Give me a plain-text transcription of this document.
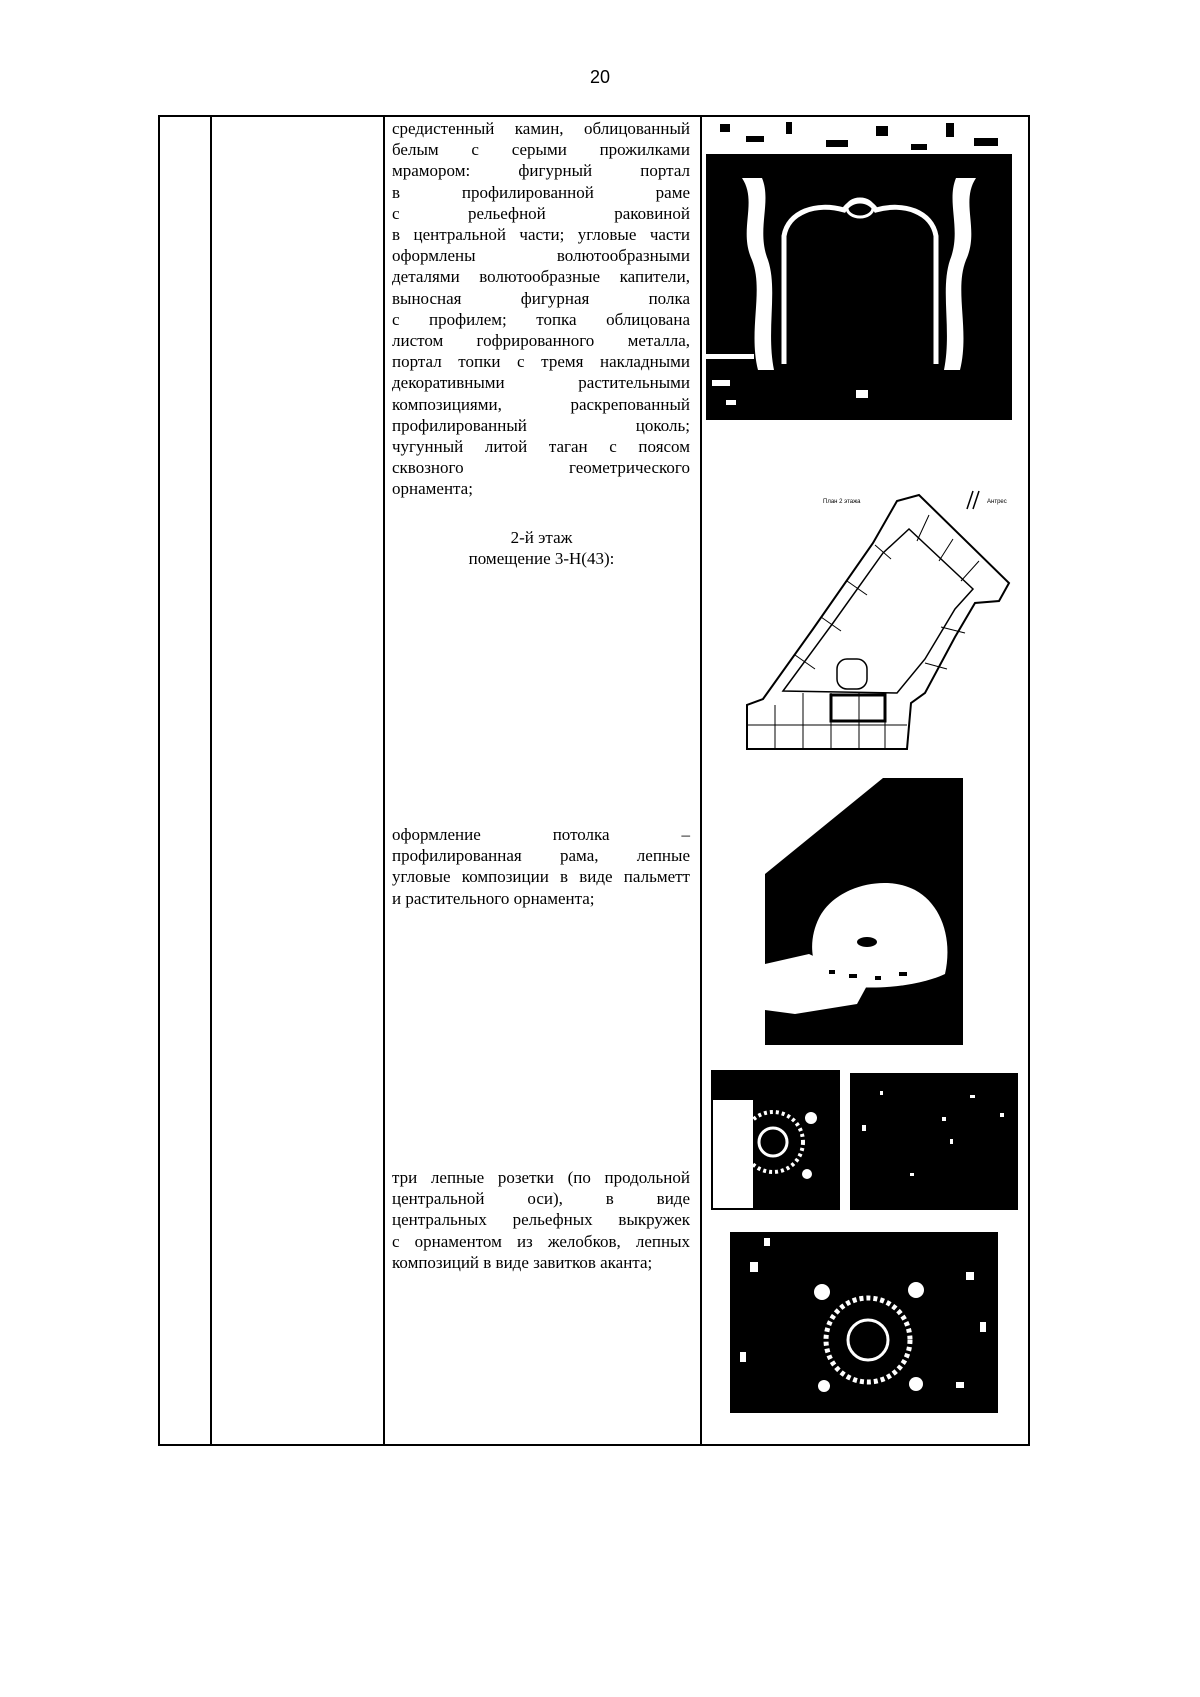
20
средистенный камин, облицованный
белым с серыми прожилками
мрамором: фигурный портал
в профилированной раме
с рельефной раковиной
в центральной части; угловые части
оформлены волютообразными
деталями волютообразные капители,
выносная фигурная полка
с профилем; топка облицована
листом гофрированного металла,
портал топки с тремя накладными
декоративными растительными
композициями, раскрепованный
профилированный цоколь;
чугунный литой таган с поясом
сквозного геометрического
орнамента;
2-й этаж
помещение 3-Н(43):
оформление потолка –
профилированная рама, лепные
угловые композиции в виде пальметт
и растительного орнамента;
три лепные розетки (по продольной
центральной оси), в виде
центральных рельефных выкружек
с орнаментом из желобков, лепных
композиций в виде завитков аканта;
План 2 этажа	Антрес
